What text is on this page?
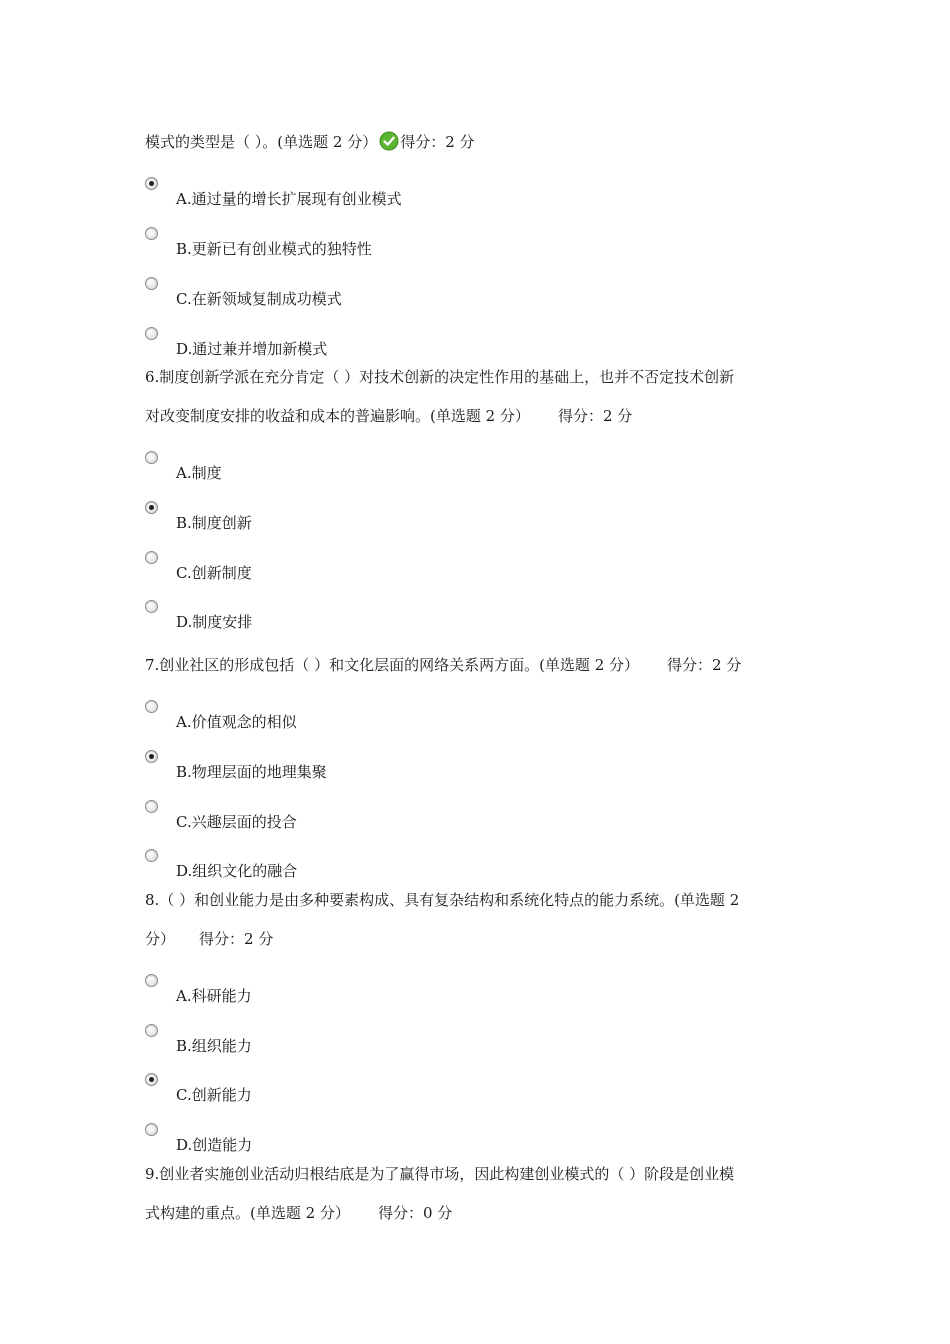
模式的类型是（ ）。(单选题 2 分） 得分：2 分
A.通过量的增长扩展现有创业模式
B.更新已有创业模式的独特性
C.在新领域复制成功模式
D.通过兼并增加新模式
6.制度创新学派在充分肯定（ ）对技术创新的决定性作用的基础上，也并不否定技术创新
对改变制度安排的收益和成本的普遍影响。(单选题 2 分） 得分：2 分
A.制度
B.制度创新
C.创新制度
D.制度安排
7.创业社区的形成包括（ ）和文化层面的网络关系两方面。(单选题 2 分） 得分：2 分
A.价值观念的相似
B.物理层面的地理集聚
C.兴趣层面的投合
D.组织文化的融合
8.（ ）和创业能力是由多种要素构成、具有复杂结构和系统化特点的能力系统。(单选题 2
分） 得分：2 分
A.科研能力
B.组织能力
C.创新能力
D.创造能力
9.创业者实施创业活动归根结底是为了赢得市场，因此构建创业模式的（ ）阶段是创业模
式构建的重点。(单选题 2 分） 得分：0 分
